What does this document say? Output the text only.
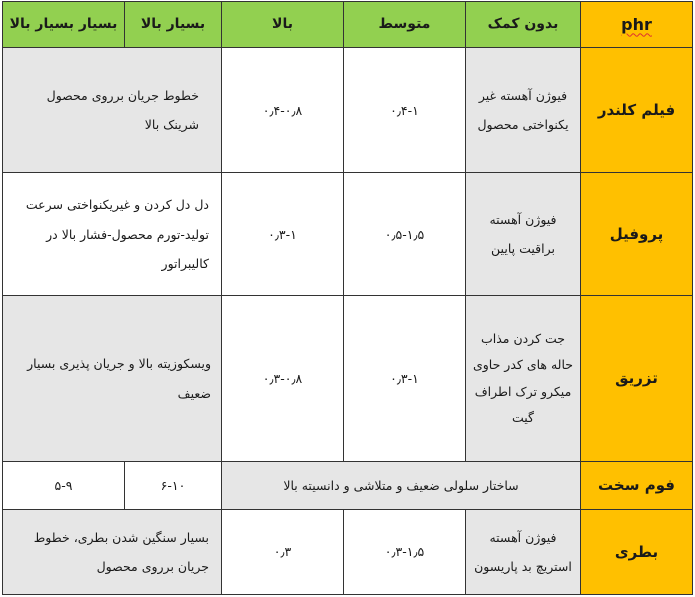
بسیار بسیار بالا	بسیار بالا	بالا	متوسط	بدون کمک	phr
خطوط جریان برروی محصول شرینک بالا		۰٫۴-۰٫۸	۰٫۴-۱	فیوژن آهسته غیر یکنواختی محصول	فیلم کلندر
دل دل کردن و غیریکنواختی سرعت تولید-تورم محصول-فشار بالا در کالیبراتور		۰٫۳-۱	۰٫۵-۱٫۵	فیوژن آهسته براقیت پایین	پروفیل
ویسکوزیته بالا و جریان پذیری بسیار ضعیف		۰٫۳-۰٫۸	۰٫۳-۱	جت کردن مذاب حاله های کدر حاوی میکرو ترک اطراف گیت	تزریق
۵-۹	۶-۱۰	ساختار سلولی ضعیف و متلاشی و دانسیته بالا			فوم سخت
بسیار سنگین شدن بطری، خطوط جریان برروی محصول		۰٫۳	۰٫۳-۱٫۵	فیوژن آهسته استریچ بد پاریسون	بطری
